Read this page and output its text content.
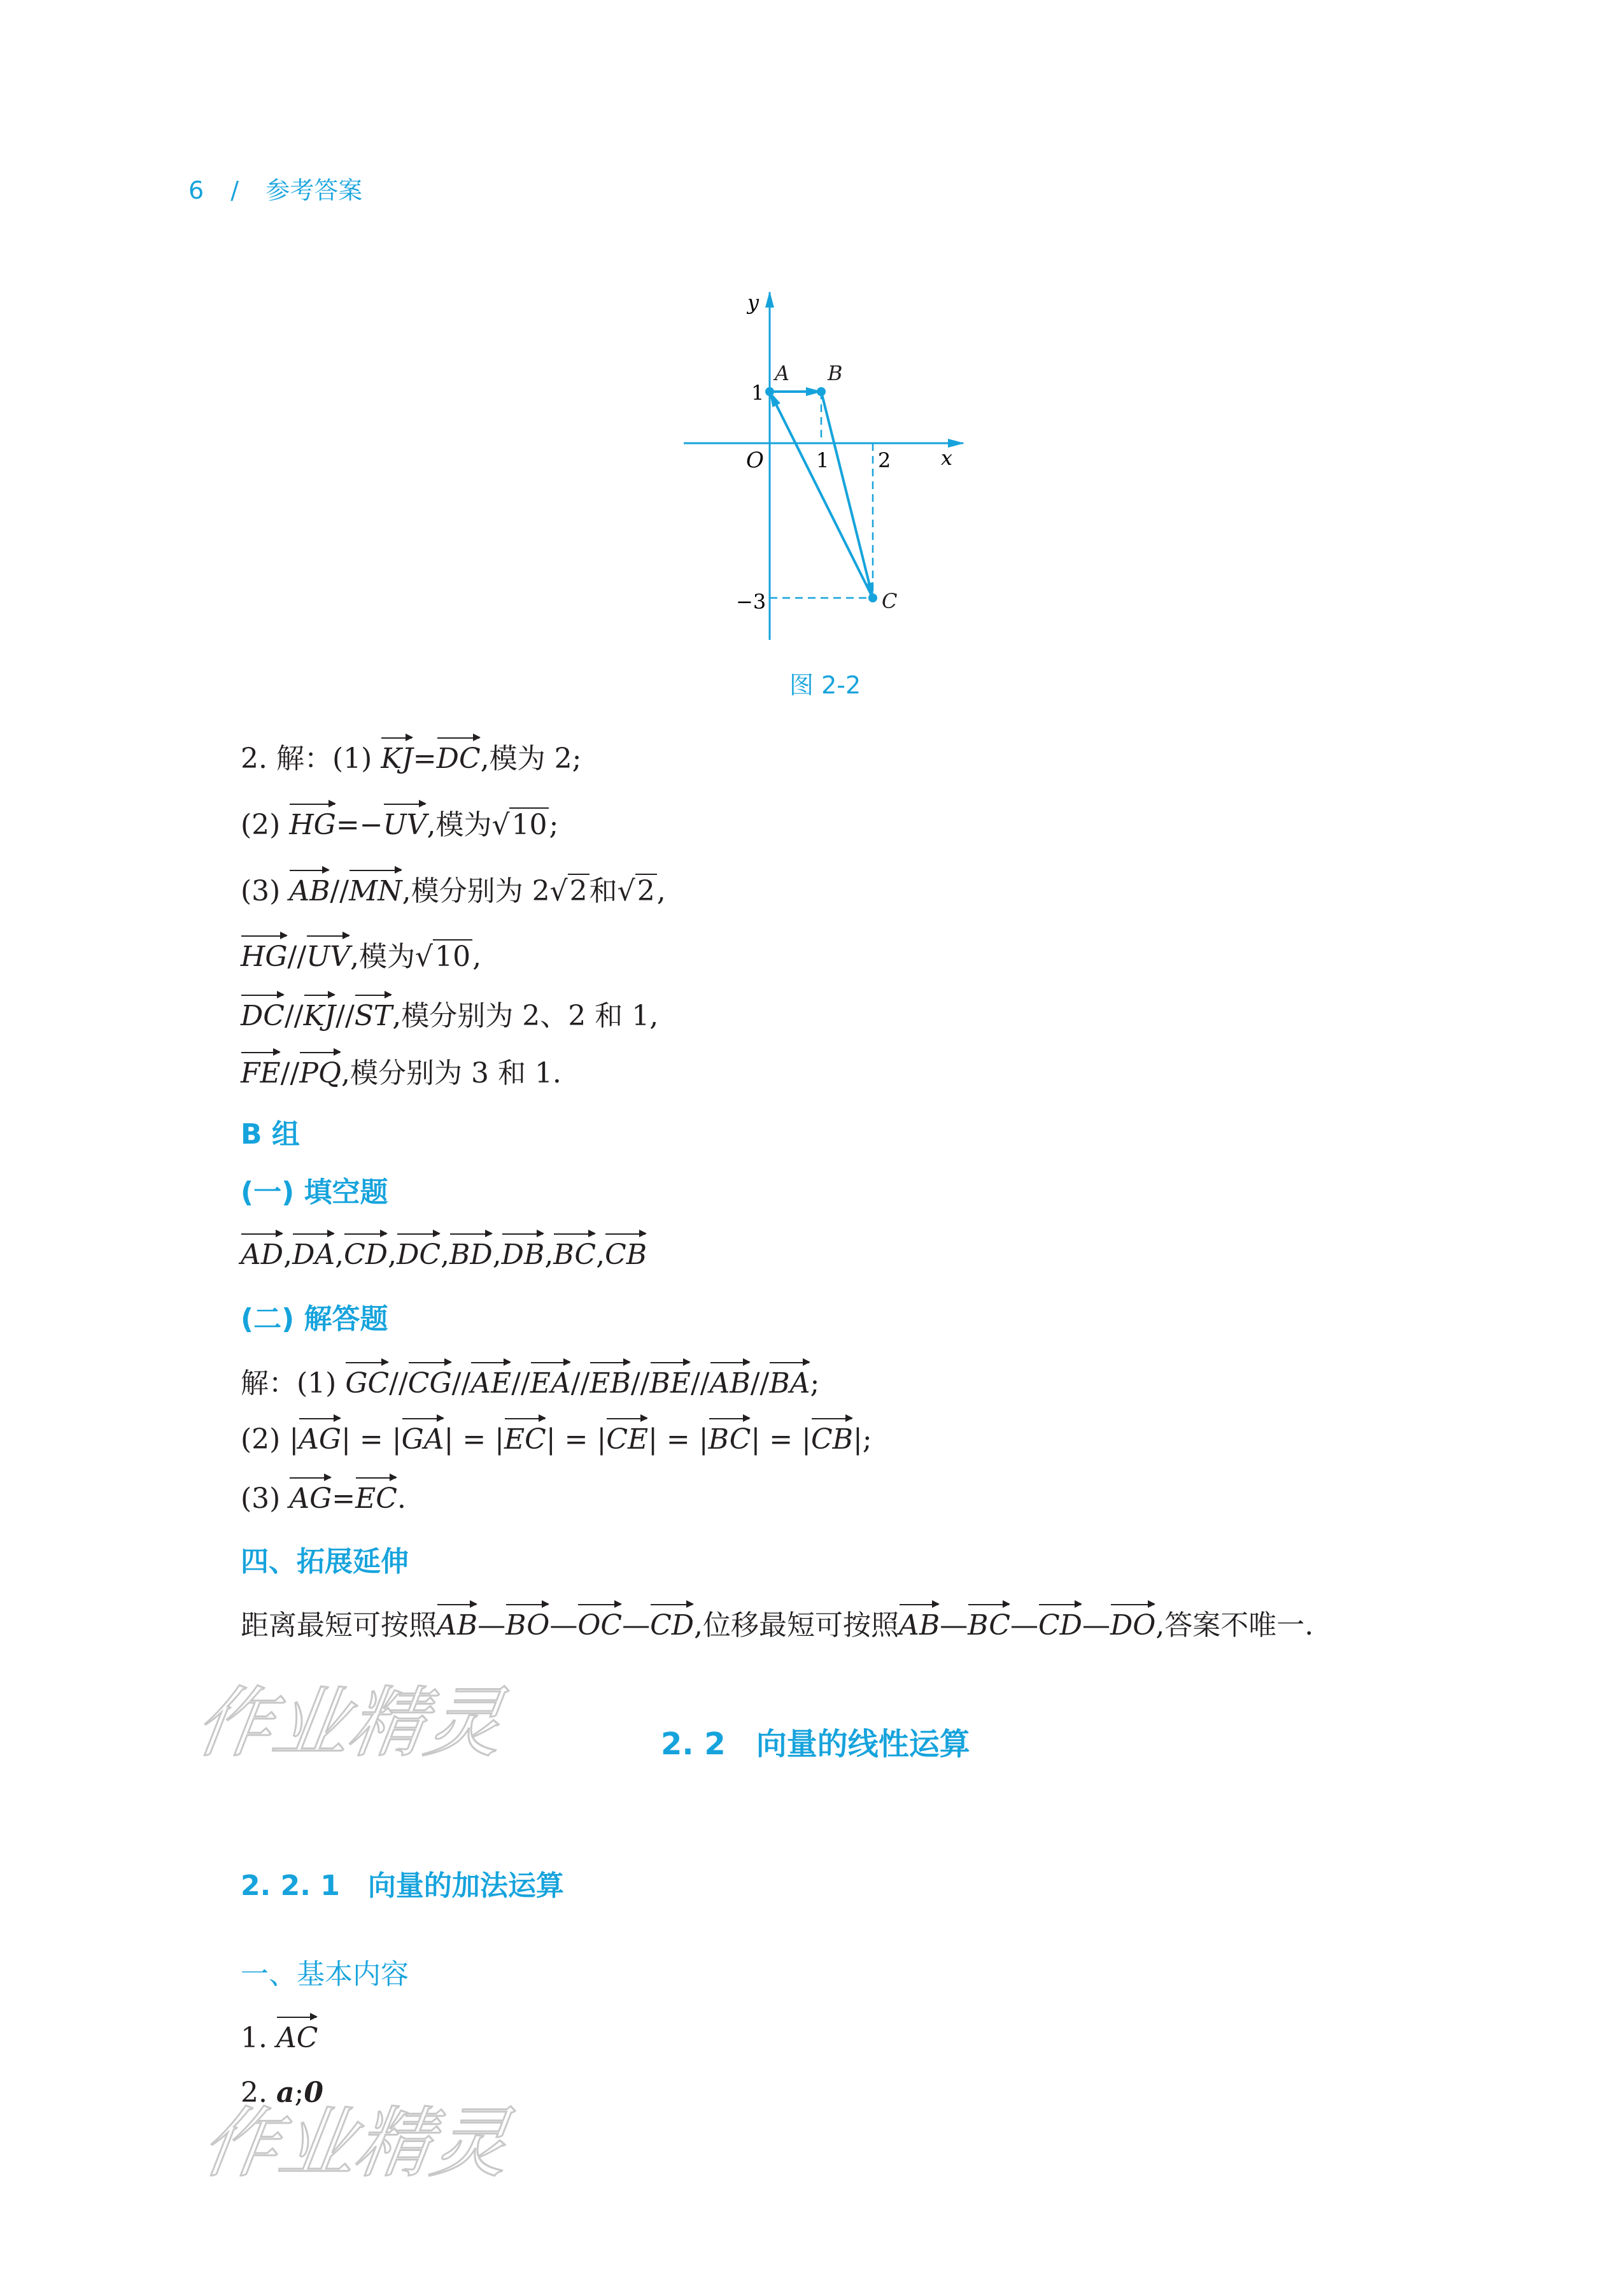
6 / 参考答案
A B
C
O	1 2
1
−3
x
y
图 2-2
2. 解：(1) KJ=DC,模为 2;
(2) HG=−UV,模为√10;
(3) AB//MN,模分别为 2√2和√2,
HG//UV,模为√10,
DC//KJ//ST,模分别为 2、2 和 1,
FE//PQ,模分别为 3 和 1.
B 组
(一) 填空题
AD,DA,CD,DC,BD,DB,BC,CB
(二) 解答题
解：(1) GC//CG//AE//EA//EB//BE//AB//BA;
(2) |AG| = |GA| = |EC| = |CE| = |BC| = |CB|;
(3) AG=EC.
四、拓展延伸
距离最短可按照AB—BO—OC—CD,位移最短可按照AB—BC—CD—DO,答案不唯一.
作业精灵	2. 2　向量的线性运算
2. 2. 1　向量的加法运算
一、基本内容
1. AC
2. a;0
作业精灵
